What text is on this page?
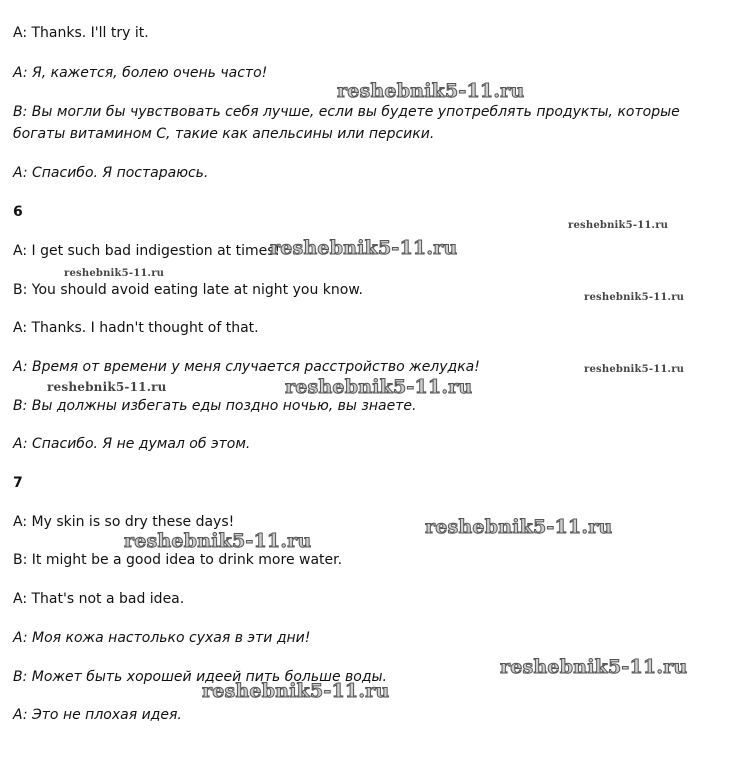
A: Thanks. I'll try it.
A: Я, кажется, болею очень часто!
B: Вы могли бы чувствовать себя лучше, если вы будете употреблять продукты, которые
богаты витамином С, такие как апельсины или персики.
A: Спасибо. Я постараюсь.
6
A: I get such bad indigestion at times!
B: You should avoid eating late at night you know.
A: Thanks. I hadn't thought of that.
A: Время от времени у меня случается расстройство желудка!
B: Вы должны избегать еды поздно ночью, вы знаете.
A: Спасибо. Я не думал об этом.
7
A: My skin is so dry these days!
B: It might be a good idea to drink more water.
A: That's not a bad idea.
A: Моя кожа настолько сухая в эти дни!
B: Может быть хорошей идеей пить больше воды.
A: Это не плохая идея.
reshebnik5-11.ru
reshebnik5-11.ru
reshebnik5-11.ru
reshebnik5-11.ru
reshebnik5-11.ru
reshebnik5-11.ru
reshebnik5-11.ru	reshebnik5-11.ru
reshebnik5-11.ru
reshebnik5-11.ru
reshebnik5-11.ru
reshebnik5-11.ru
